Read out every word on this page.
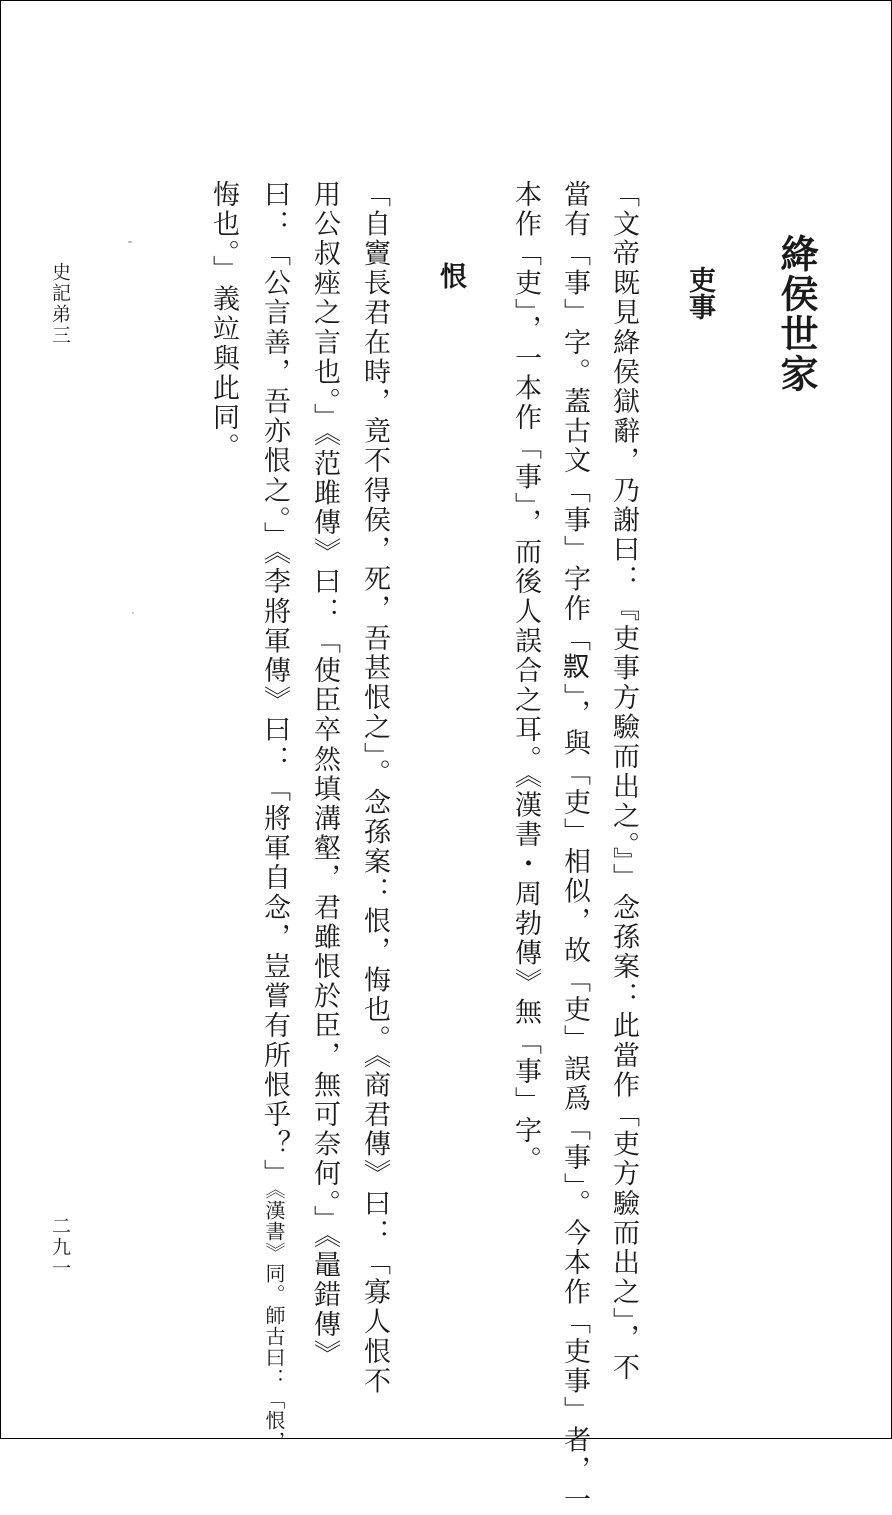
絳侯世家
吏事
「文帝既見絳侯獄辭，乃謝曰：『吏事方驗而出之。』」念孫案：此當作「吏方驗而出之」，不
當有「事」字。蓋古文「事」字作「𠭥」，與「吏」相似，故「吏」誤爲「事」。今本作「吏事」者，一
本作「吏」，一本作「事」，而後人誤合之耳。《漢書・周勃傳》無「事」字。
恨
「自竇長君在時，竟不得侯，死，吾甚恨之」。念孫案：恨，悔也。《商君傳》曰：「寡人恨不
用公叔痤之言也。」《范雎傳》曰：「使臣卒然填溝壑，君雖恨於臣，無可奈何。」《鼂錯傳》
曰：「公言善，吾亦恨之。」《李將軍傳》曰：「將軍自念，豈嘗有所恨乎？」《漢書》同。師古曰：「恨，
悔也。」義竝與此同。
史記弟三
二九一
